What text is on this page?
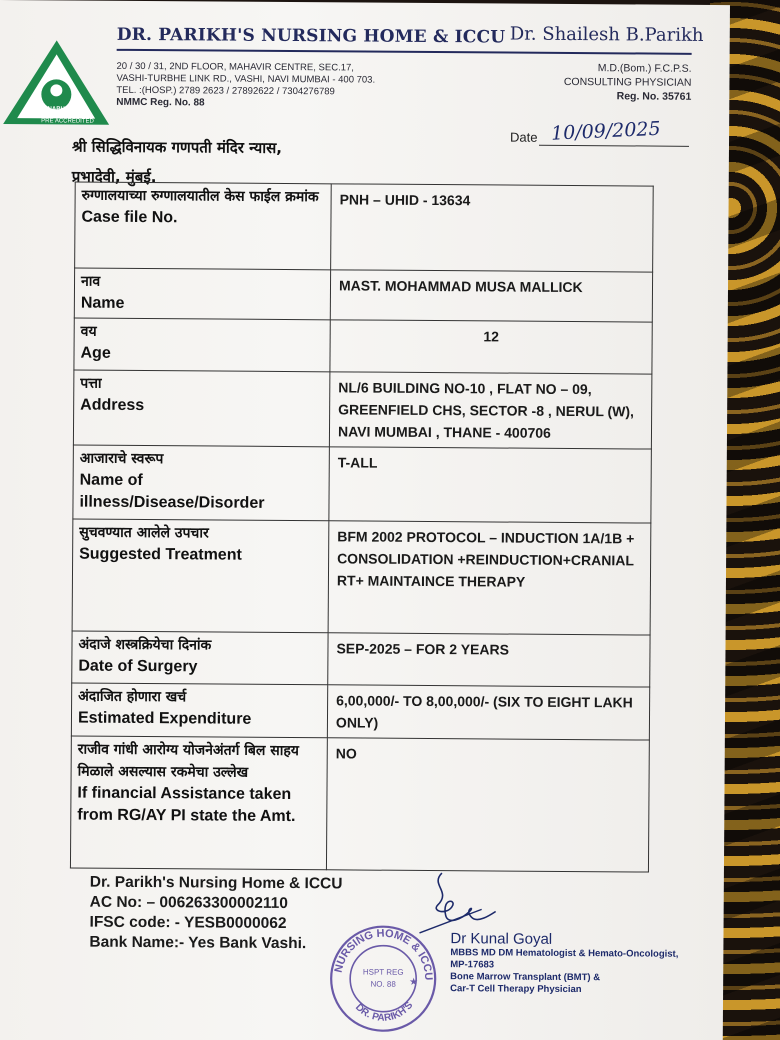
NABH
PRE ACCREDITED
DR. PARIKH'S NURSING HOME & ICCU Dr. Shailesh B.Parikh
20 / 30 / 31, 2ND FLOOR, MAHAVIR CENTRE, SEC.17,
VASHI-TURBHE LINK RD., VASHI, NAVI MUMBAI - 400 703.
TEL. :(HOSP.) 2789 2623 / 27892622 / 7304276789
NMMC Reg. No. 88
M.D.(Bom.) F.C.P.S.
CONSULTING PHYSICIAN
Reg. No. 35761
श्री सिद्धिविनायक गणपती मंदिर न्यास,
प्रभादेवी, मुंबई.
Date 10/09/2025
रुग्णालयाच्या रुग्णालयातील केस फाईल क्रमांक
Case file No.	PNH – UHID - 13634

नाव
Name	MAST. MOHAMMAD MUSA MALLICK

वय
Age	12

पत्ता
Address	NL/6 BUILDING NO-10 , FLAT NO – 09, GREENFIELD CHS, SECTOR -8 , NERUL (W), NAVI MUMBAI , THANE - 400706

आजाराचे स्वरूप
Name of illness/Disease/Disorder	T-ALL

सुचवण्यात आलेले उपचार
Suggested Treatment	BFM 2002 PROTOCOL – INDUCTION 1A/1B + CONSOLIDATION +REINDUCTION+CRANIAL RT+ MAINTAINCE THERAPY

अंदाजे शस्त्रक्रियेचा दिनांक
Date of Surgery	SEP-2025 – FOR 2 YEARS

अंदाजित होणारा खर्च
Estimated Expenditure	6,00,000/- TO 8,00,000/- (SIX TO EIGHT LAKH ONLY)

राजीव गांधी आरोग्य योजनेअंतर्ग बिल साहय मिळाले असल्यास रकमेचा उल्लेख
If financial Assistance taken from RG/AY PI state the Amt.	NO
Dr. Parikh's Nursing Home & ICCU
AC No: – 006263300002110
IFSC code: - YESB0000062
Bank Name:- Yes Bank Vashi.
NURSING HOME & ICCU
DR. PARIKH'S
HSPT REG
NO. 88 ★
Dr Kunal Goyal
MBBS MD DM Hematologist & Hemato-Oncologist,
MP-17683
Bone Marrow Transplant (BMT) &
Car-T Cell Therapy Physician
